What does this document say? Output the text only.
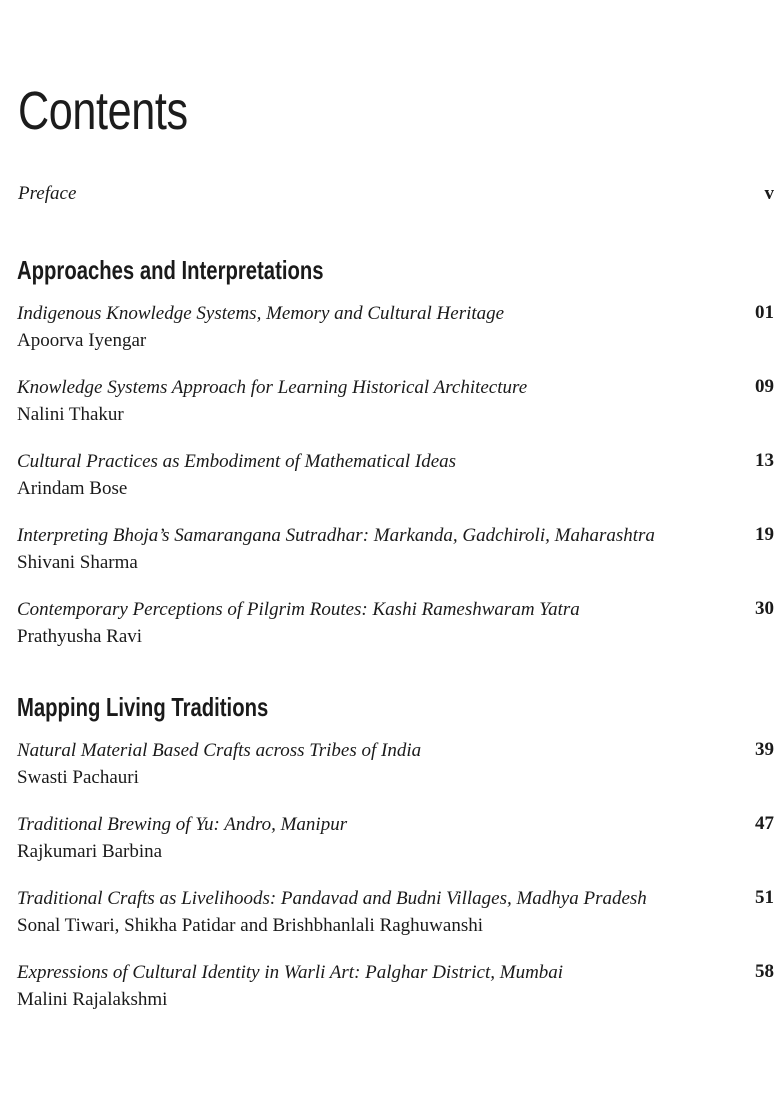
Contents
Preface	v
Approaches and Interpretations
Indigenous Knowledge Systems, Memory and Cultural Heritage
Apoorva Iyengar
01
Knowledge Systems Approach for Learning Historical Architecture
Nalini Thakur
09
Cultural Practices as Embodiment of Mathematical Ideas
Arindam Bose
13
Interpreting Bhoja’s Samarangana Sutradhar: Markanda, Gadchiroli, Maharashtra
Shivani Sharma
19
Contemporary Perceptions of Pilgrim Routes: Kashi Rameshwaram Yatra
Prathyusha Ravi
30
Mapping Living Traditions
Natural Material Based Crafts across Tribes of India
Swasti Pachauri
39
Traditional Brewing of Yu: Andro, Manipur
Rajkumari Barbina
47
Traditional Crafts as Livelihoods: Pandavad and Budni Villages, Madhya Pradesh
Sonal Tiwari, Shikha Patidar and Brishbhanlali Raghuwanshi
51
Expressions of Cultural Identity in Warli Art: Palghar District, Mumbai
Malini Rajalakshmi
58
